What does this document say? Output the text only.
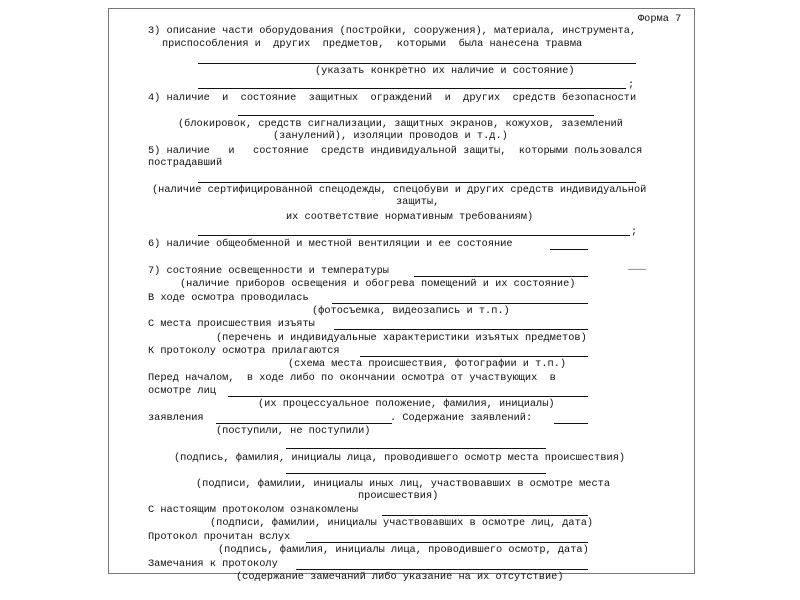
Форма 7
3) описание части оборудования (постройки, сооружения), материала, инструмента,
приспособления и  других  предметов,  которыми  была нанесена травма
(указать конкретно их наличие и состояние)
;
4) наличие  и  состояние  защитных  ограждений  и  других  средств безопасности
(блокировок, средств сигнализации, защитных экранов, кожухов, заземлений
(занулений), изоляции проводов и т.д.)
5) наличие   и   состояние  средств индивидуальной защиты,  которыми пользовался
пострадавший
(наличие сертифицированной спецодежды, спецобуви и других средств индивидуальной
защиты,
их соответствие нормативным требованиям)
;
6) наличие общеобменной и местной вентиляции и ее состояние
7) состояние освещенности и температуры	………
(наличие приборов освещения и обогрева помещений и их состояние)
В ходе осмотра проводилась
(фотосъемка, видеозапись и т.п.)
С места происшествия изъяты
(перечень и индивидуальные характеристики изъятых предметов)
К протоколу осмотра прилагаются
(схема места происшествия, фотографии и т.п.)
Перед началом,  в ходе либо по окончании осмотра от участвующих  в
осмотре лиц
(их процессуальное положение, фамилия, инициалы)
заявления	. Содержание заявлений:
(поступили, не поступили)
(подпись, фамилия, инициалы лица, проводившего осмотр места происшествия)
(подписи, фамилии, инициалы иных лиц, участвовавших в осмотре места
происшествия)
С настоящим протоколом ознакомлены
(подписи, фамилии, инициалы участвовавших в осмотре лиц, дата)
Протокол прочитан вслух
(подпись, фамилия, инициалы лица, проводившего осмотр, дата)
Замечания к протоколу
(содержание замечаний либо указание на их отсутствие)
